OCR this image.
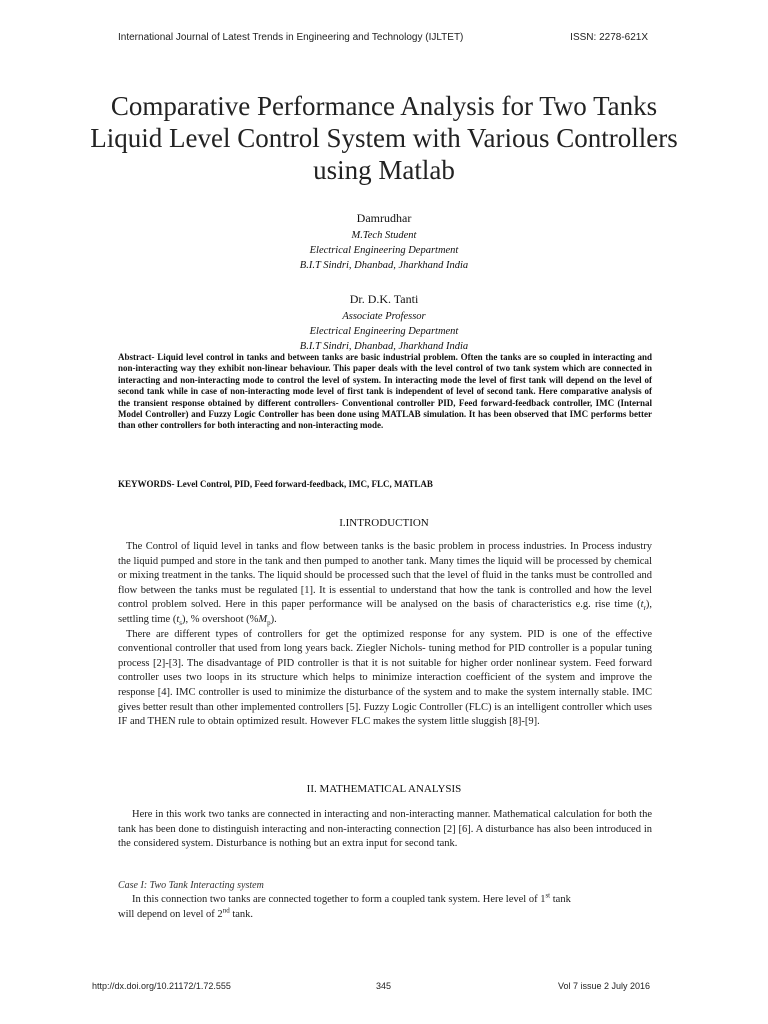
International Journal of Latest Trends in Engineering and Technology (IJLTET)	ISSN: 2278-621X
Comparative Performance Analysis for Two Tanks Liquid Level Control System with Various Controllers using Matlab
Damrudhar
M.Tech Student
Electrical Engineering Department
B.I.T Sindri, Dhanbad, Jharkhand India
Dr. D.K. Tanti
Associate Professor
Electrical Engineering Department
B.I.T Sindri, Dhanbad, Jharkhand India
Abstract- Liquid level control in tanks and between tanks are basic industrial problem. Often the tanks are so coupled in interacting and non-interacting way they exhibit non-linear behaviour. This paper deals with the level control of two tank system which are connected in interacting and non-interacting mode to control the level of system. In interacting mode the level of first tank will depend on the level of second tank while in case of non-interacting mode level of first tank is independent of level of second tank. Here comparative analysis of the transient response obtained by different controllers- Conventional controller PID, Feed forward-feedback controller, IMC (Internal Model Controller) and Fuzzy Logic Controller has been done using MATLAB simulation. It has been observed that IMC performs better than other controllers for both interacting and non-interacting mode.
KEYWORDS- Level Control, PID, Feed forward-feedback, IMC, FLC, MATLAB
I.INTRODUCTION

The Control of liquid level in tanks and flow between tanks is the basic problem in process industries. In Process industry the liquid pumped and store in the tank and then pumped to another tank. Many times the liquid will be processed by chemical or mixing treatment in the tanks. The liquid should be processed such that the level of fluid in the tanks must be controlled and flow between the tanks must be regulated [1]. It is essential to understand that how the tank is controlled and how the level control problem solved. Here in this paper performance will be analysed on the basis of characteristics e.g. rise time $(t_r)$, settling time $(t_s)$, % overshoot $(\%M_p)$.

There are different types of controllers for get the optimized response for any system. PID is one of the effective conventional controller that used from long years back. Ziegler Nichols- tuning method for PID controller is a popular tuning process [2]-[3]. The disadvantage of PID controller is that it is not suitable for higher order nonlinear system. Feed forward controller uses two loops in its structure which helps to minimize interaction coefficient of the system and improve the response [4]. IMC controller is used to minimize the disturbance of the system and to make the system internally stable. IMC gives better result than other implemented controllers [5]. Fuzzy Logic Controller (FLC) is an intelligent controller which uses IF and THEN rule to obtain optimized result. However FLC makes the system little sluggish [8]-[9].

II. MATHEMATICAL ANALYSIS

Here in this work two tanks are connected in interacting and non-interacting manner. Mathematical calculation for both the tank has been done to distinguish interacting and non-interacting connection [2] [6]. A disturbance has also been introduced in the considered system. Disturbance is nothing but an extra input for second tank.

Case I: Two Tank Interacting system
In this connection two tanks are connected together to form a coupled tank system. Here level of 1st tank
will depend on level of 2nd tank.
http://dx.doi.org/10.21172/1.72.555	345	Vol 7 issue 2 July 2016
